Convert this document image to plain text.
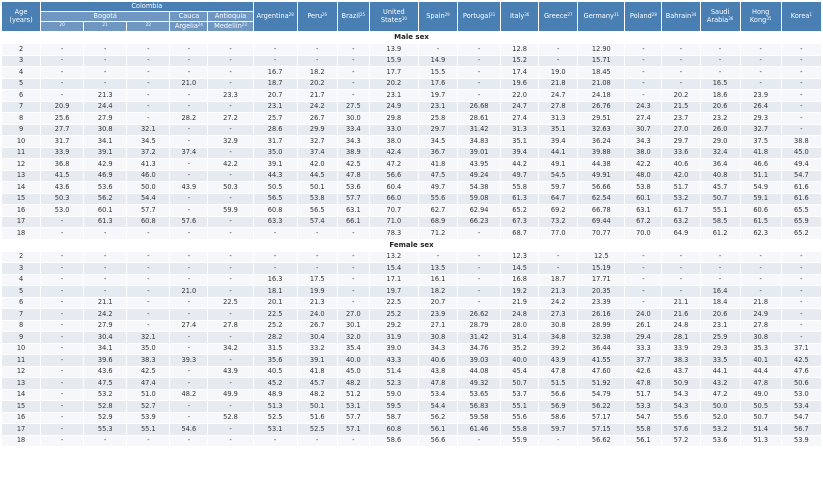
Age
(years)	Colombia					Argentina$^{28}$	Peru$^{26}$	Brazil$^{25}$	United States$^{30}$	Spain$^{29}$	Portugal$^{31}$	Italy$^{36}$	Greece$^{27}$	Germany$^{31}$	Poland$^{28}$	Bahrain$^{34}$	Saudi Arabia$^{36}$	Hong Kong$^{35}$	Korea$^1$
	Bogotá			Cauca	Antioquia														
	20	21	22	Argelia$^{24}$	Medellín$^{23}$
Male sex																			
2	-	-	-	-	-	-	-	-	13.9	-	-	12.8	-	12.90	-	-	-	-	-
3	-	-	-	-	-	-	-	-	15.9	14.9	-	15.2	-	15.71	-	-	-	-	-
4	-	-	-	-	-	16.7	18.2	-	17.7	15.5	-	17.4	19.0	18.45	-	-	-	-	-
5	-	-	-	21.0	-	18.7	20.2	-	20.2	17.6	-	19.6	21.8	21.08	-	-	16.5	-	-
6	-	21.3	-	-	23.3	20.7	21.7	-	23.1	19.7	-	22.0	24.7	24.18	-	20.2	18.6	23.9	-
7	20.9	24.4	-	-	-	23.1	24.2	27.5	24.9	23.1	26.68	24.7	27.8	26.76	24.3	21.5	20.6	26.4	-
8	25.6	27.9	-	28.2	27.2	25.7	26.7	30.0	29.8	25.8	28.61	27.4	31.3	29.51	27.4	23.7	23.2	29.3	-
9	27.7	30.8	32.1	-	-	28.6	29.9	33.4	33.0	29.7	31.42	31.3	35.1	32.63	30.7	27.0	26.0	32.7	-
10	31.7	34.1	34.5	-	32.9	31.7	32.7	34.3	38.0	34.5	34.83	35.1	39.4	36.24	34.3	29.7	29.0	37.5	38.8
11	33.9	39.1	37.2	37.4	-	35.0	37.4	38.9	42.4	36.7	39.01	39.4	44.1	39.88	38.0	33.6	32.4	41.8	45.0
12	36.8	42.9	41.3	-	42.2	39.1	42.0	42.5	47.2	41.8	43.95	44.2	49.1	44.38	42.2	40.6	36.4	46.6	49.4
13	41.5	46.9	46.0	-	-	44.3	44.5	47.8	56.6	47.5	49.24	49.7	54.5	49.91	48.0	42.0	40.8	51.1	54.7
14	43.6	53.6	50.0	43.9	50.3	50.5	50.1	53.6	60.4	49.7	54.38	55.8	59.7	56.66	53.8	51.7	45.7	54.9	61.6
15	50.3	56.2	54.4	-	-	56.5	53.8	57.7	66.0	55.6	59.08	61.3	64.7	62.54	60.1	53.2	50.7	59.1	61.6
16	53.0	60.1	57.7	-	59.9	60.8	56.5	63.1	70.7	62.7	62.94	65.2	69.2	66.78	63.1	61.7	55.1	60.6	65.5
17	-	61.3	60.8	57.6	-	63.3	57.4	66.1	71.0	68.9	66.23	67.3	73.2	69.44	67.2	63.2	58.5	61.5	65.9
18	-	-	-	-	-	-	-	-	78.3	71.2	-	68.7	77.0	70.77	70.0	64.9	61.2	62.3	65.2
Female sex																			
2	-	-	-	-	-	-	-	-	13.2	-	-	12.3	-	12.5	-	-	-	-	-
3	-	-	-	-	-	-	-	-	15.4	13.5	-	14.5	-	15.19	-	-	-	-	-
4	-	-	-	-	-	16.3	17.5	-	17.1	16.1	-	16.8	18.7	17.71	-	-	-	-	-
5	-	-	-	21.0	-	18.1	19.9	-	19.7	18.2	-	19.2	21.3	20.35	-	-	16.4	-	-
6	-	21.1	-	-	22.5	20.1	21.3	-	22.5	20.7	-	21.9	24.2	23.39	-	21.1	18.4	21.8	-
7	-	24.2	-	-	-	22.5	24.0	27.0	25.2	23.9	26.62	24.8	27.3	26.16	24.0	21.6	20.6	24.9	-
8	-	27.9	-	27.4	27.8	25.2	26.7	30.1	29.2	27.1	28.79	28.0	30.8	28.99	26.1	24.8	23.1	27.8	-
9	-	30.4	32.1	-	-	28.2	30.4	32.0	31.9	30.8	31.42	31.4	34.8	32.38	29.4	28.1	25.9	30.8	-
10	-	34.1	35.0	-	34.2	31.5	33.2	35.4	39.0	34.3	34.76	35.2	39.2	36.44	33.3	33.9	29.3	35.3	37.1
11	-	39.6	38.3	39.3	-	35.6	39.1	40.0	43.3	40.6	39.03	40.0	43.9	41.55	37.7	38.3	33.5	40.1	42.5
12	-	43.6	42.5	-	43.9	40.5	41.8	45.0	51.4	43.8	44.08	45.4	47.8	47.60	42.6	43.7	44.1	44.4	47.6
13	-	47.5	47.4	-	-	45.2	45.7	48.2	52.3	47.8	49.32	50.7	51.5	51.92	47.8	50.9	43.2	47.8	50.6
14	-	53.2	51.0	48.2	49.9	48.9	48.2	51.2	59.0	53.4	53.65	53.7	56.6	54.79	51.7	54.3	47.2	49.0	53.0
15	-	52.8	52.7	-	-	51.3	50.1	53.1	59.5	54.4	56.83	55.1	56.9	56.22	53.3	54.3	50.0	50.5	53.4
16	-	52.9	53.9	-	52.8	52.5	51.6	57.7	58.7	56.2	59.58	55.6	58.6	57.17	54.7	55.6	52.0	50.7	54.7
17	-	55.3	55.1	54.6	-	53.1	52.5	57.1	60.8	56.1	61.46	55.8	59.7	57.15	55.8	57.6	53.2	51.4	56.7
18	-	-	-	-	-	-	-	-	58.6	56.6	-	55.9	-	56.62	56.1	57.2	53.6	51.3	53.9
